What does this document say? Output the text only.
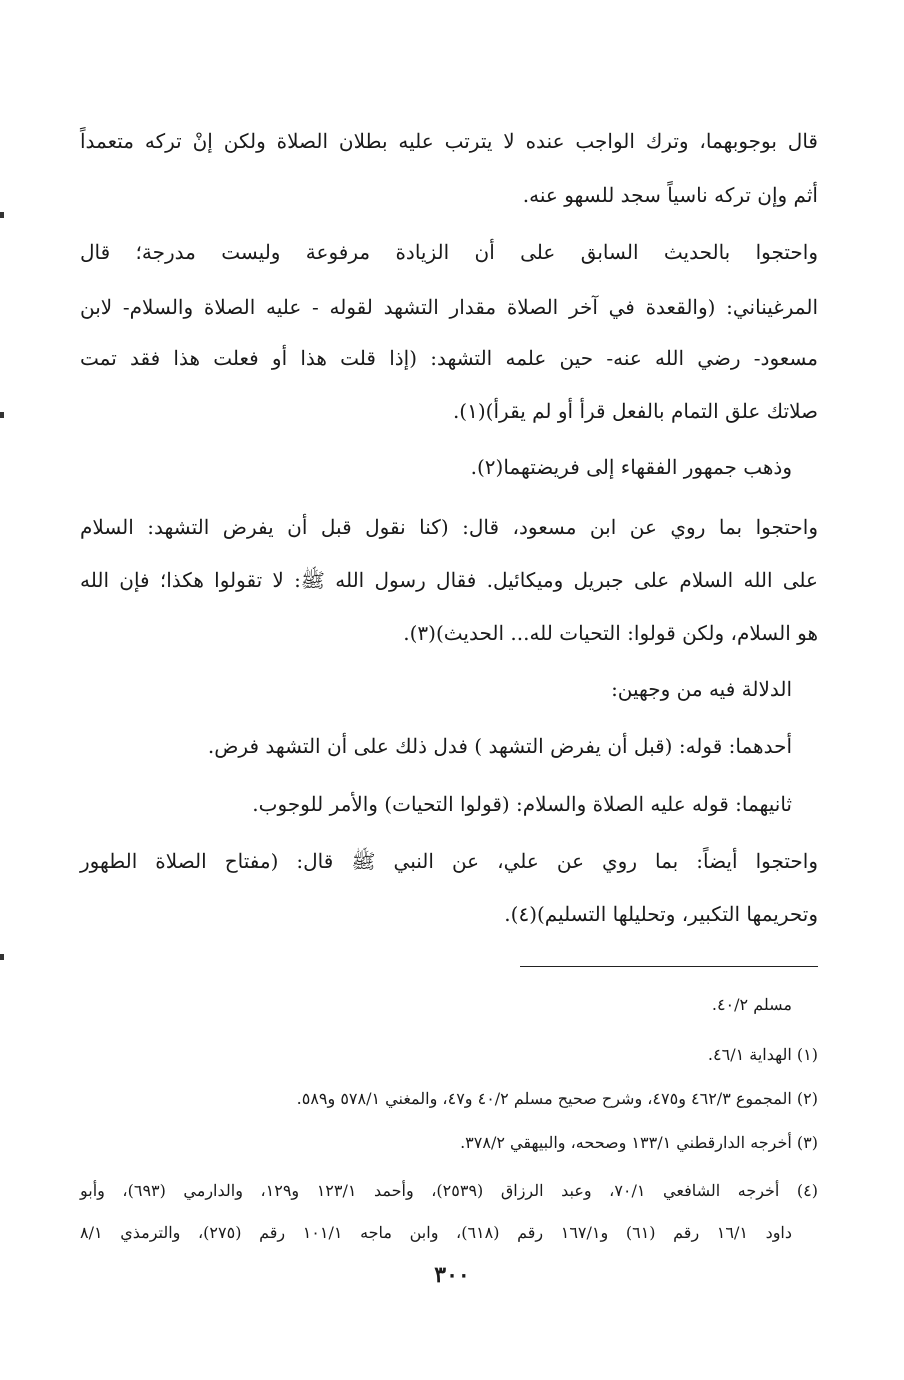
قال بوجوبهما، وترك الواجب عنده لا يترتب عليه بطلان الصلاة ولكن إنْ تركه متعمداً
أثم وإن تركه ناسياً سجد للسهو عنه.
واحتجوا بالحديث السابق على أن الزيادة مرفوعة وليست مدرجة؛ قال
المرغيناني: (والقعدة في آخر الصلاة مقدار التشهد لقوله - عليه الصلاة والسلام- لابن
مسعود- رضي الله عنه- حين علمه التشهد: (إذا قلت هذا أو فعلت هذا فقد تمت
صلاتك علق التمام بالفعل قرأ أو لم يقرأ)(١).
وذهب جمهور الفقهاء إلى فريضتهما(٢).
واحتجوا بما روي عن ابن مسعود، قال: (كنا نقول قبل أن يفرض التشهد: السلام
على الله السلام على جبريل وميكائيل. فقال رسول الله ﷺ: لا تقولوا هكذا؛ فإن الله
هو السلام، ولكن قولوا: التحيات لله... الحديث)(٣).
الدلالة فيه من وجهين:
أحدهما: قوله: (قبل أن يفرض التشهد ) فدل ذلك على أن التشهد فرض.
ثانيهما: قوله عليه الصلاة والسلام: (قولوا التحيات) والأمر للوجوب.
واحتجوا أيضاً: بما روي عن علي، عن النبي ﷺ قال: (مفتاح الصلاة الطهور
وتحريمها التكبير، وتحليلها التسليم)(٤).
مسلم ٤٠/٢.
(١) الهداية ٤٦/١.
(٢) المجموع ٤٦٢/٣ و٤٧٥، وشرح صحيح مسلم ٤٠/٢ و٤٧، والمغني ٥٧٨/١ و٥٨٩.
(٣) أخرجه الدارقطني ١٣٣/١ وصححه، والبيهقي ٣٧٨/٢.
(٤) أخرجه الشافعي ٧٠/١، وعبد الرزاق (٢٥٣٩)، وأحمد ١٢٣/١ و١٢٩، والدارمي (٦٩٣)، وأبو
داود ١٦/١ رقم (٦١) و١٦٧/١ رقم (٦١٨)، وابن ماجه ١٠١/١ رقم (٢٧٥)، والترمذي ٨/١
٣٠٠
